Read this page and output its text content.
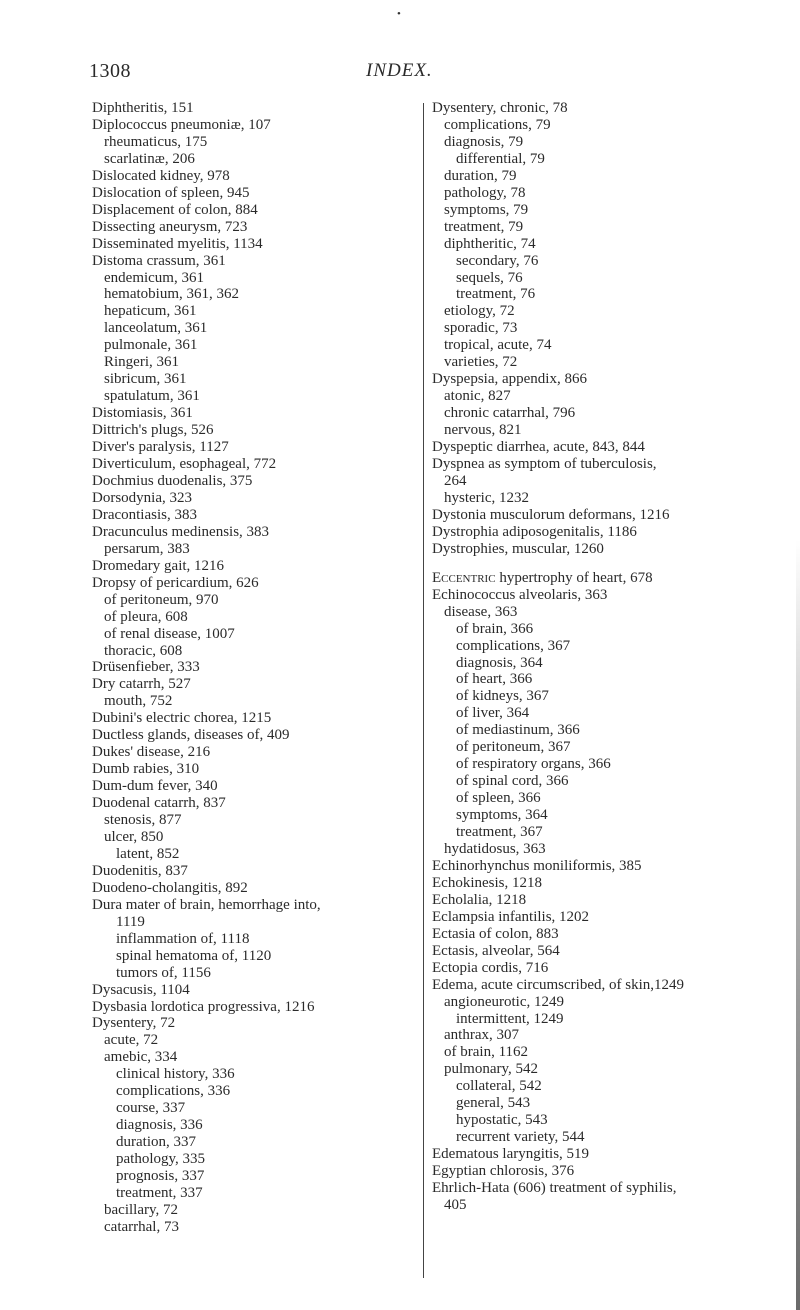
•
1308	INDEX.
Diphtheritis, 151
Diplococcus pneumoniæ, 107
rheumaticus, 175
scarlatinæ, 206
Dislocated kidney, 978
Dislocation of spleen, 945
Displacement of colon, 884
Dissecting aneurysm, 723
Disseminated myelitis, 1134
Distoma crassum, 361
endemicum, 361
hematobium, 361, 362
hepaticum, 361
lanceolatum, 361
pulmonale, 361
Ringeri, 361
sibricum, 361
spatulatum, 361
Distomiasis, 361
Dittrich's plugs, 526
Diver's paralysis, 1127
Diverticulum, esophageal, 772
Dochmius duodenalis, 375
Dorsodynia, 323
Dracontiasis, 383
Dracunculus medinensis, 383
persarum, 383
Dromedary gait, 1216
Dropsy of pericardium, 626
of peritoneum, 970
of pleura, 608
of renal disease, 1007
thoracic, 608
Drüsenfieber, 333
Dry catarrh, 527
mouth, 752
Dubini's electric chorea, 1215
Ductless glands, diseases of, 409
Dukes' disease, 216
Dumb rabies, 310
Dum-dum fever, 340
Duodenal catarrh, 837
stenosis, 877
ulcer, 850
latent, 852
Duodenitis, 837
Duodeno-cholangitis, 892
Dura mater of brain, hemorrhage into,
1119
inflammation of, 1118
spinal hematoma of, 1120
tumors of, 1156
Dysacusis, 1104
Dysbasia lordotica progressiva, 1216
Dysentery, 72
acute, 72
amebic, 334
clinical history, 336
complications, 336
course, 337
diagnosis, 336
duration, 337
pathology, 335
prognosis, 337
treatment, 337
bacillary, 72
catarrhal, 73
Dysentery, chronic, 78
complications, 79
diagnosis, 79
differential, 79
duration, 79
pathology, 78
symptoms, 79
treatment, 79
diphtheritic, 74
secondary, 76
sequels, 76
treatment, 76
etiology, 72
sporadic, 73
tropical, acute, 74
varieties, 72
Dyspepsia, appendix, 866
atonic, 827
chronic catarrhal, 796
nervous, 821
Dyspeptic diarrhea, acute, 843, 844
Dyspnea as symptom of tuberculosis,
264
hysteric, 1232
Dystonia musculorum deformans, 1216
Dystrophia adiposogenitalis, 1186
Dystrophies, muscular, 1260
Eccentric hypertrophy of heart, 678
Echinococcus alveolaris, 363
disease, 363
of brain, 366
complications, 367
diagnosis, 364
of heart, 366
of kidneys, 367
of liver, 364
of mediastinum, 366
of peritoneum, 367
of respiratory organs, 366
of spinal cord, 366
of spleen, 366
symptoms, 364
treatment, 367
hydatidosus, 363
Echinorhynchus moniliformis, 385
Echokinesis, 1218
Echolalia, 1218
Eclampsia infantilis, 1202
Ectasia of colon, 883
Ectasis, alveolar, 564
Ectopia cordis, 716
Edema, acute circumscribed, of skin,1249
angioneurotic, 1249
intermittent, 1249
anthrax, 307
of brain, 1162
pulmonary, 542
collateral, 542
general, 543
hypostatic, 543
recurrent variety, 544
Edematous laryngitis, 519
Egyptian chlorosis, 376
Ehrlich-Hata (606) treatment of syphilis,
405
